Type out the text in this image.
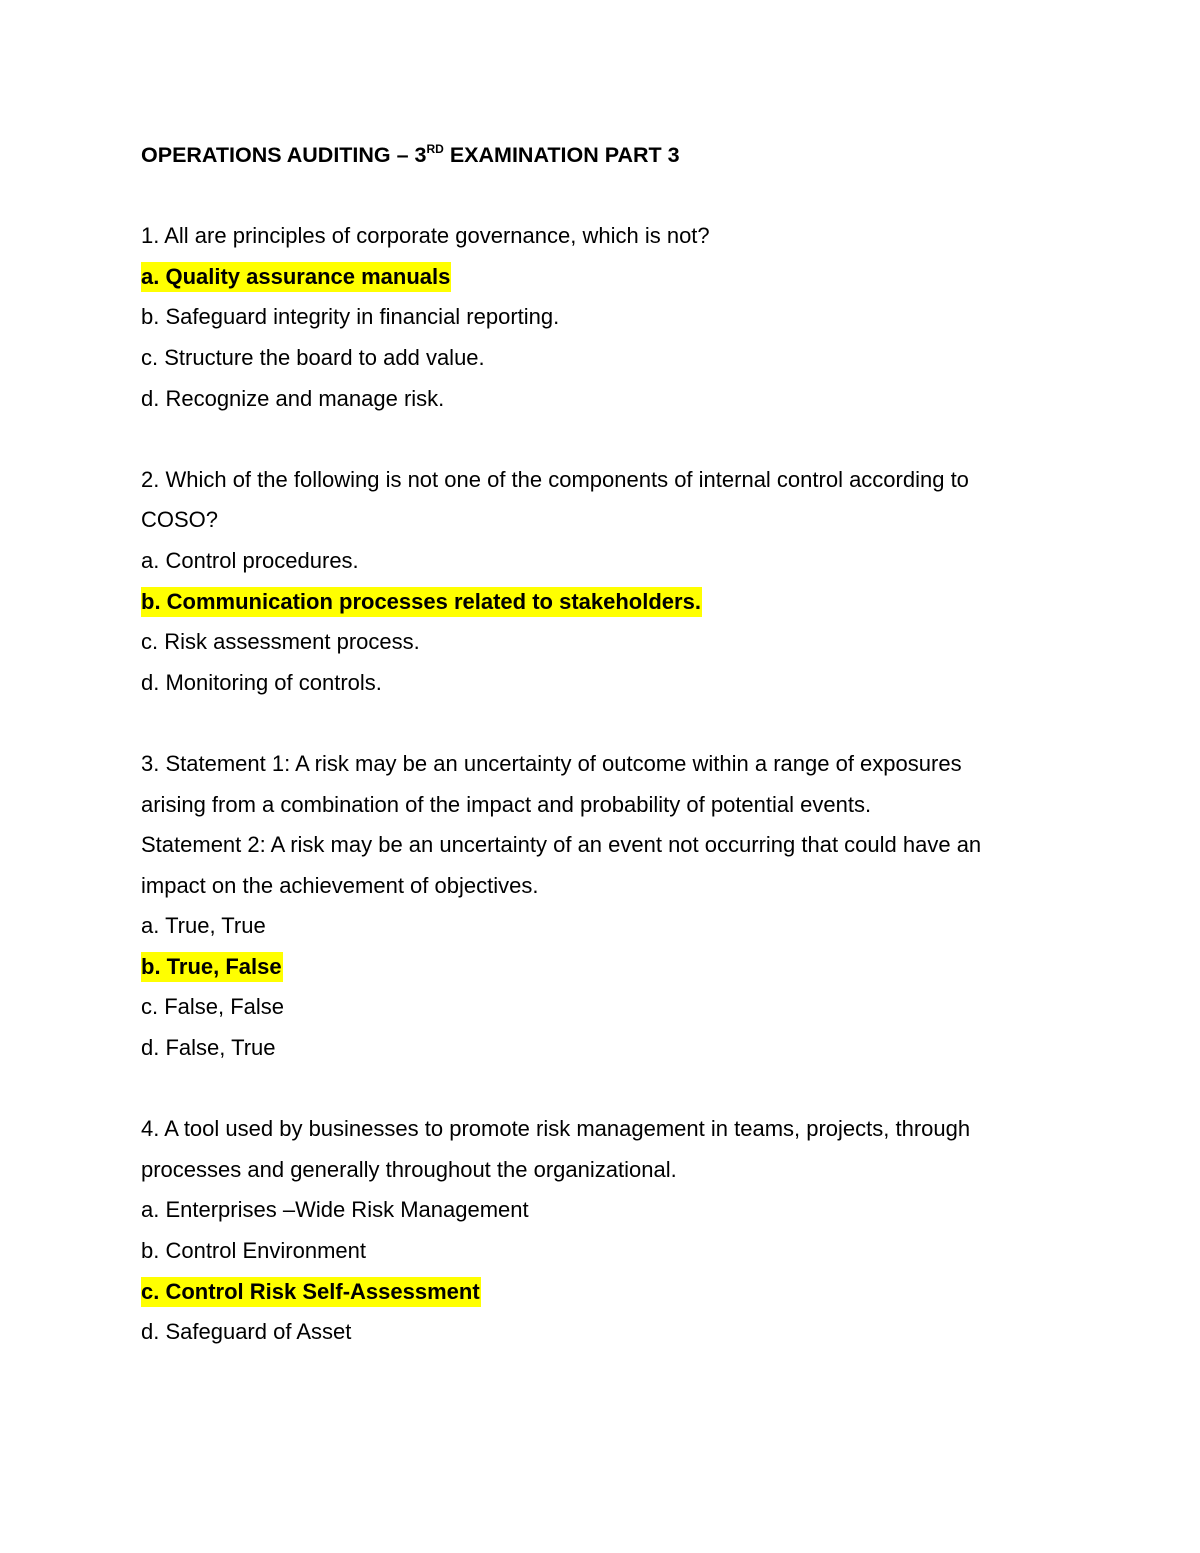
OPERATIONS AUDITING – 3RD EXAMINATION PART 3
1. All are principles of corporate governance, which is not?
a. Quality assurance manuals
b. Safeguard integrity in financial reporting.
c. Structure the board to add value.
d. Recognize and manage risk.
2. Which of the following is not one of the components of internal control according to
COSO?
a. Control procedures.
b. Communication processes related to stakeholders.
c. Risk assessment process.
d. Monitoring of controls.
3. Statement 1: A risk may be an uncertainty of outcome within a range of exposures
arising from a combination of the impact and probability of potential events.
Statement 2: A risk may be an uncertainty of an event not occurring that could have an
impact on the achievement of objectives.
a. True, True
b. True, False
c. False, False
d. False, True
4. A tool used by businesses to promote risk management in teams, projects, through
processes and generally throughout the organizational.
a. Enterprises –Wide Risk Management
b. Control Environment
c. Control Risk Self-Assessment
d. Safeguard of Asset
